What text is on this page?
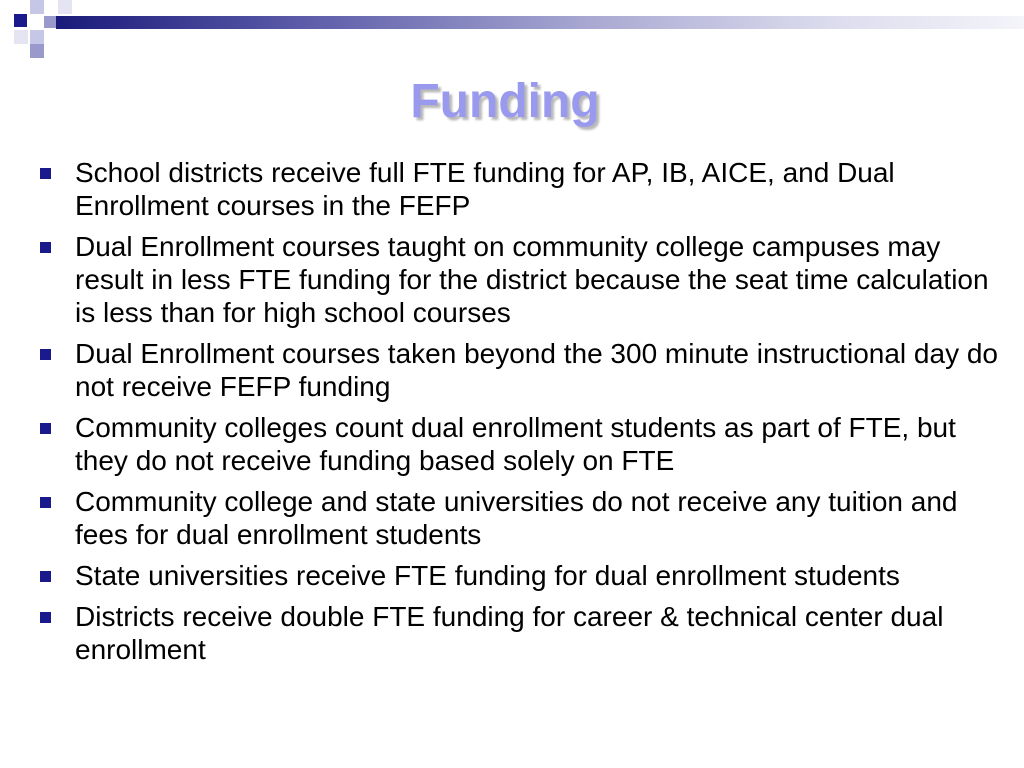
Funding
School districts receive full FTE funding for AP, IB, AICE, and Dual Enrollment courses in the FEFP
Dual Enrollment courses taught on community college campuses may result in less FTE funding for the district because the seat time calculation is less than for high school courses
Dual Enrollment courses taken beyond the 300 minute instructional day do not receive FEFP funding
Community colleges count dual enrollment students as part of FTE, but they do not receive funding based solely on FTE
Community college and state universities do not receive any tuition and fees for dual enrollment students
State universities receive FTE funding for dual enrollment students
Districts receive double FTE funding for career & technical center dual enrollment
